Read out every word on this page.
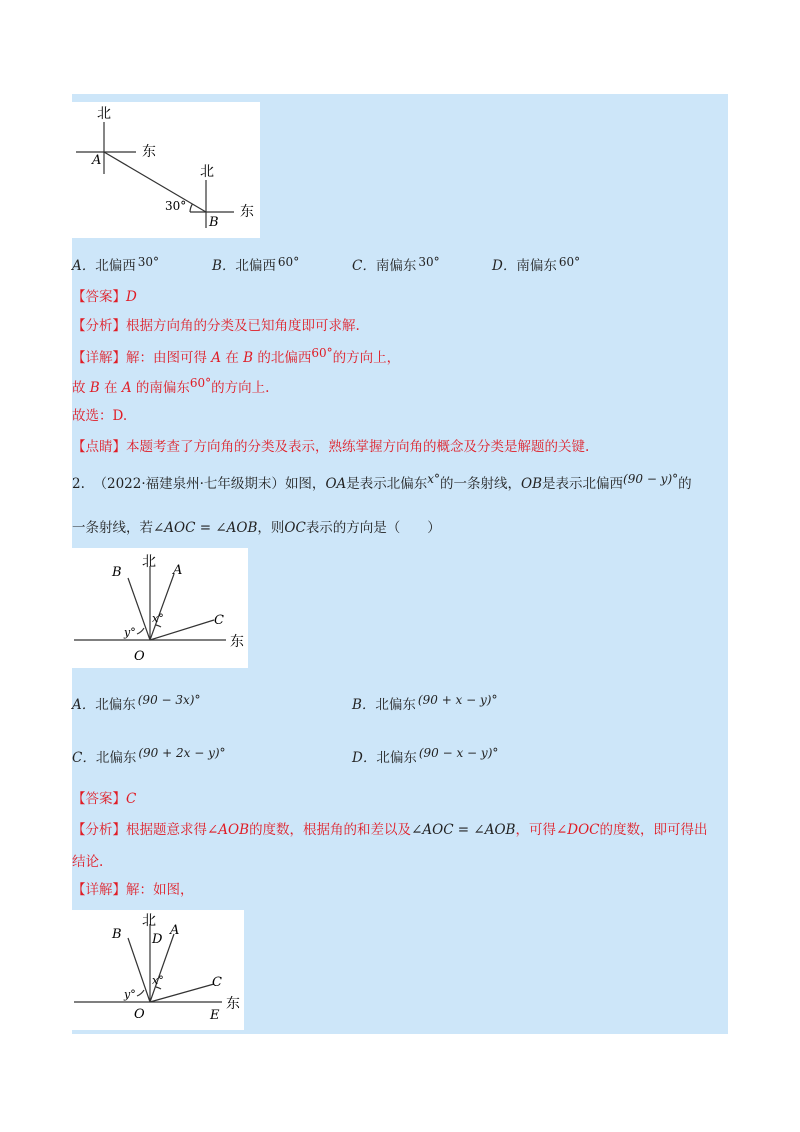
北
东
A
北
东
B
30°
A．北偏西 $^{30^\circ}$	B．北偏西 $^{60^\circ}$	C．南偏东 $^{30^\circ}$	D．南偏东 $^{60^\circ}$
【答案】D
【分析】根据方向角的分类及已知角度即可求解.
【详解】解：由图可得 A 在 B 的北偏西$^{60^\circ}$的方向上，
故 B 在 A 的南偏东$^{60^\circ}$的方向上.
故选：D.
【点睛】本题考查了方向角的分类及表示，熟练掌握方向角的概念及分类是解题的关键.
2. （2022·福建泉州·七年级期末）如图，OA是表示北偏东$^{x^\circ}$的一条射线，OB是表示北偏西$^{(90 - y)^\circ}$的
一条射线，若∠AOC = ∠AOB，则OC表示的方向是（　　）
北
东
B	A
C
O
x°
y°
A．北偏东 $^{(90 - 3x)^\circ}$	B．北偏东 $^{(90 + x - y)^\circ}$
C．北偏东 $^{(90 + 2x - y)^\circ}$	D．北偏东 $^{(90 - x - y)^\circ}$
【答案】C
【分析】根据题意求得∠AOB的度数，根据角的和差以及∠AOC = ∠AOB，可得∠DOC的度数，即可得出
结论.
【详解】解：如图，
北
东
B D
A
C
O	E
x°
y°
